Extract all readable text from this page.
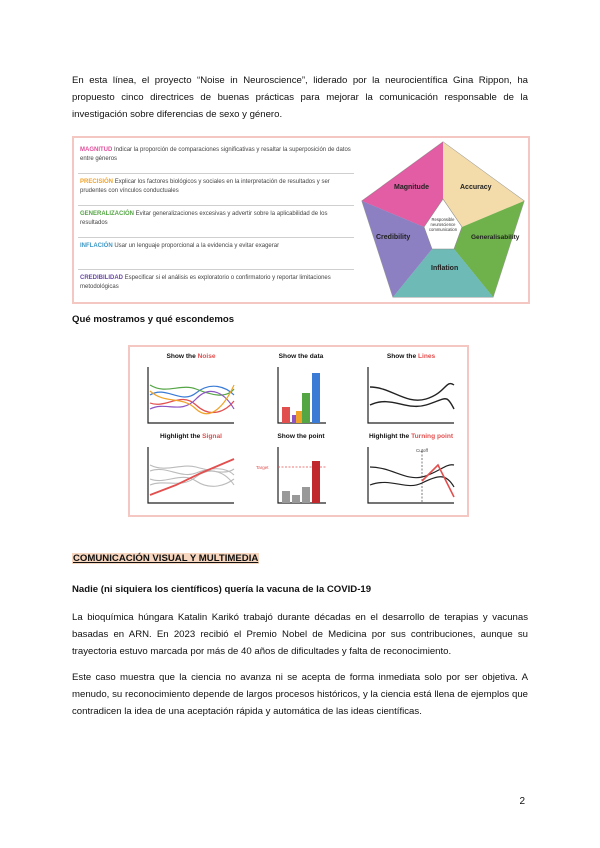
En esta línea, el proyecto “Noise in Neuroscience”, liderado por la neurocientífica Gina Rippon, ha propuesto cinco directrices de buenas prácticas para mejorar la comunicación responsable de la investigación sobre diferencias de sexo y género.
MAGNITUD Indicar la proporción de comparaciones significativas y resaltar la superposición de datos entre géneros
PRECISIÓN Explicar los factores biológicos y sociales en la interpretación de resultados y ser prudentes con vínculos conductuales
GENERALIZACIÓN Evitar generalizaciones excesivas y advertir sobre la aplicabilidad de los resultados
INFLACIÓN Usar un lenguaje proporcional a la evidencia y evitar exagerar
CREDIBILIDAD Especificar si el análisis es exploratorio o confirmatorio y reportar limitaciones metodológicas
Magnitude	Accuracy
Generalisability
Inflation
Credibility
Responsible neuroscience communication
Qué mostramos y qué escondemos
Show the Noise	Show the data	Show the Lines
Highlight the Signal	Show the point
Target
Highlight the Turning point
Cutoff
COMUNICACIÓN VISUAL Y MULTIMEDIA
Nadie (ni siquiera los científicos) quería la vacuna de la COVID-19
La bioquímica húngara Katalin Karikó trabajó durante décadas en el desarrollo de terapias y vacunas basadas en ARN. En 2023 recibió el Premio Nobel de Medicina por sus contribuciones, aunque su trayectoria estuvo marcada por más de 40 años de dificultades y falta de reconocimiento.
Este caso muestra que la ciencia no avanza ni se acepta de forma inmediata solo por ser objetiva. A menudo, su reconocimiento depende de largos procesos históricos, y la ciencia está llena de ejemplos que contradicen la idea de una aceptación rápida y automática de las ideas científicas.
2
